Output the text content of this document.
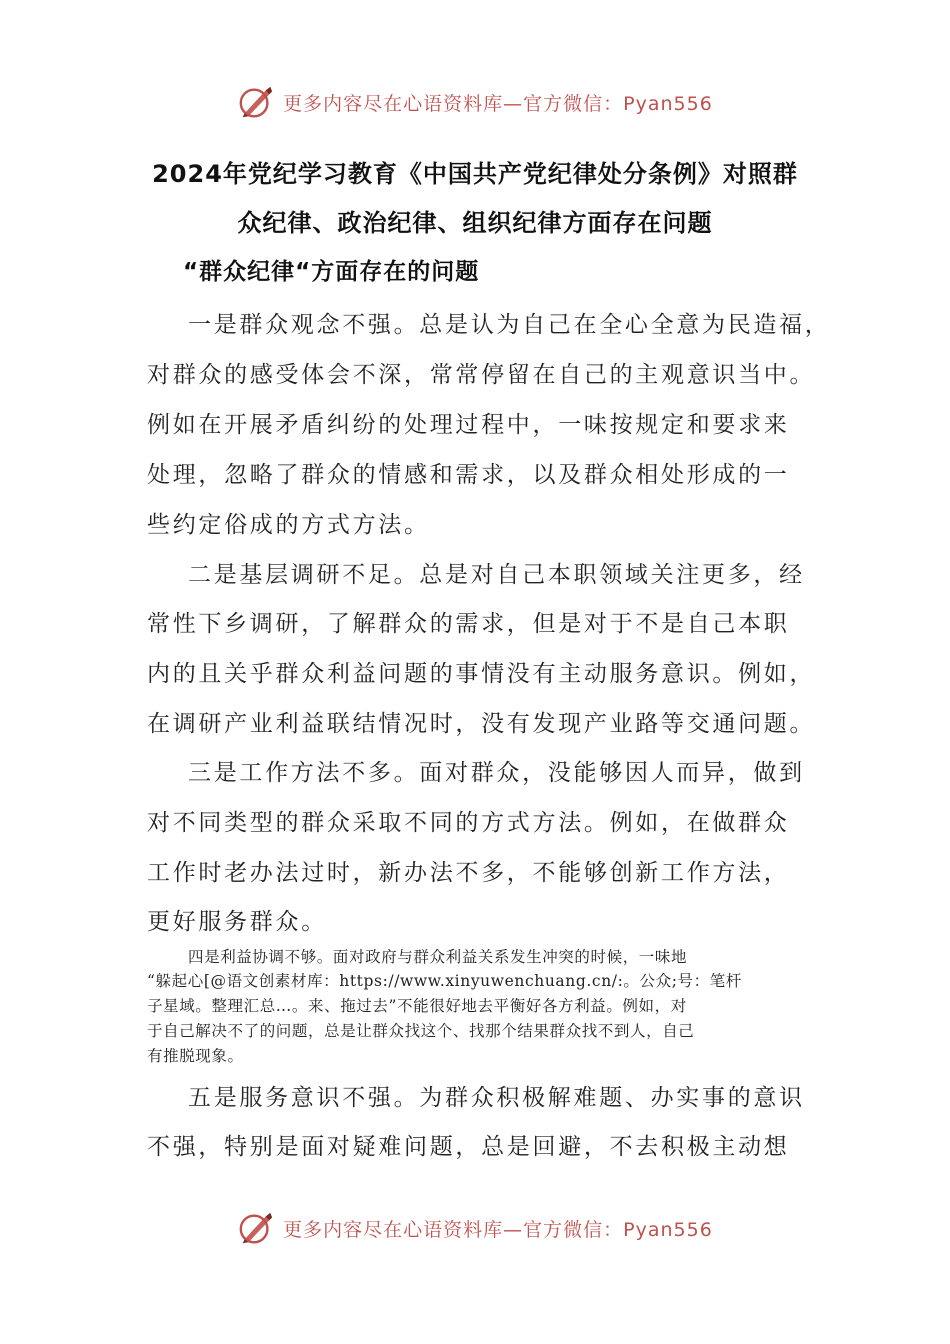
更多内容尽在心语资料库—官方微信：Pyan556
2024年党纪学习教育《中国共产党纪律处分条例》对照群
众纪律、政治纪律、组织纪律方面存在问题
“群众纪律“方面存在的问题
一是群众观念不强。总是认为自己在全心全意为民造福，
对群众的感受体会不深，常常停留在自己的主观意识当中。
例如在开展矛盾纠纷的处理过程中，一味按规定和要求来
处理，忽略了群众的情感和需求，以及群众相处形成的一
些约定俗成的方式方法。
二是基层调研不足。总是对自己本职领域关注更多，经
常性下乡调研，了解群众的需求，但是对于不是自己本职
内的且关乎群众利益问题的事情没有主动服务意识。例如，
在调研产业利益联结情况时，没有发现产业路等交通问题。
三是工作方法不多。面对群众，没能够因人而异，做到
对不同类型的群众采取不同的方式方法。例如，在做群众
工作时老办法过时，新办法不多，不能够创新工作方法，
更好服务群众。
四是利益协调不够。面对政府与群众利益关系发生冲突的时候，一味地
“躲起心[@语文创素材库：https://www.xinyuwenchuang.cn/:。公众;号：笔杆
子星域。整理汇总…。来、拖过去”不能很好地去平衡好各方利益。例如，对
于自己解决不了的问题，总是让群众找这个、找那个结果群众找不到人，自己
有推脱现象。
五是服务意识不强。为群众积极解难题、办实事的意识
不强，特别是面对疑难问题，总是回避，不去积极主动想
更多内容尽在心语资料库—官方微信：Pyan556
